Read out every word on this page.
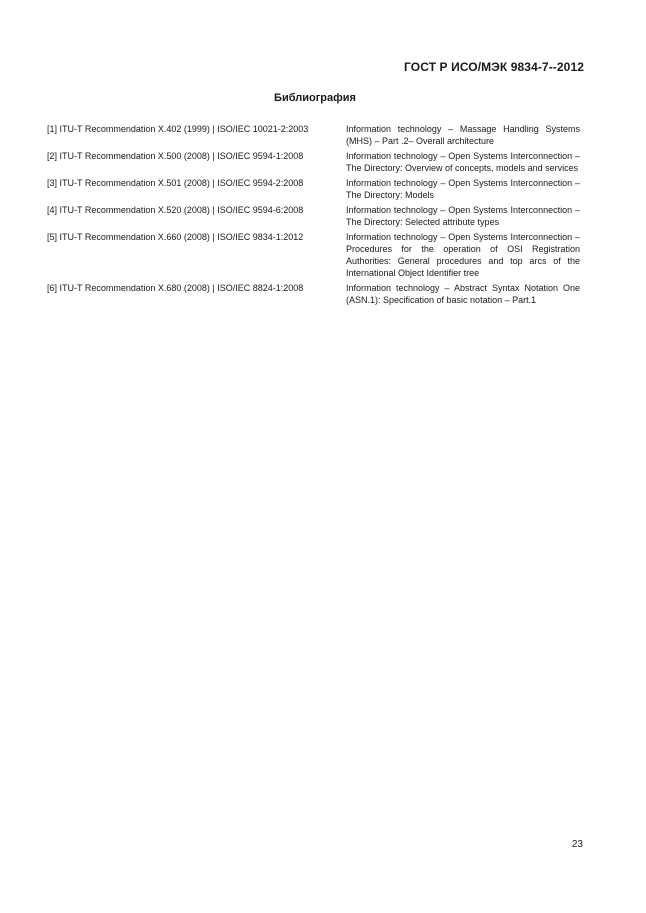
ГОСТ Р ИСО/МЭК 9834-7--2012
Библиография
[1] ITU-T Recommendation X.402 (1999) | ISO/IEC 10021-2:2003	Information technology – Massage Handling Systems (MHS) – Part .2– Overall architecture
[2] ITU-T Recommendation X.500 (2008) | ISO/IEC 9594-1:2008	Information technology – Open Systems Interconnection – The Directory: Overview of concepts, models and services
[3] ITU-T Recommendation X.501 (2008) | ISO/IEC 9594-2:2008	Information technology – Open Systems Interconnection – The Directory: Models
[4] ITU-T Recommendation X.520 (2008) | ISO/IEC 9594-6:2008	Information technology – Open Systems Interconnection – The Directory: Selected attribute types
[5] ITU-T Recommendation X.660 (2008) | ISO/IEC 9834-1:2012	Information technology – Open Systems Interconnection – Procedures for the operation of OSI Registration Authorities: General procedures and top arcs of the International Object Identifier tree
[6] ITU-T Recommendation X.680 (2008) | ISO/IEC 8824-1:2008	Information technology – Abstract Syntax Notation One (ASN.1): Specification of basic notation – Part.1
23
